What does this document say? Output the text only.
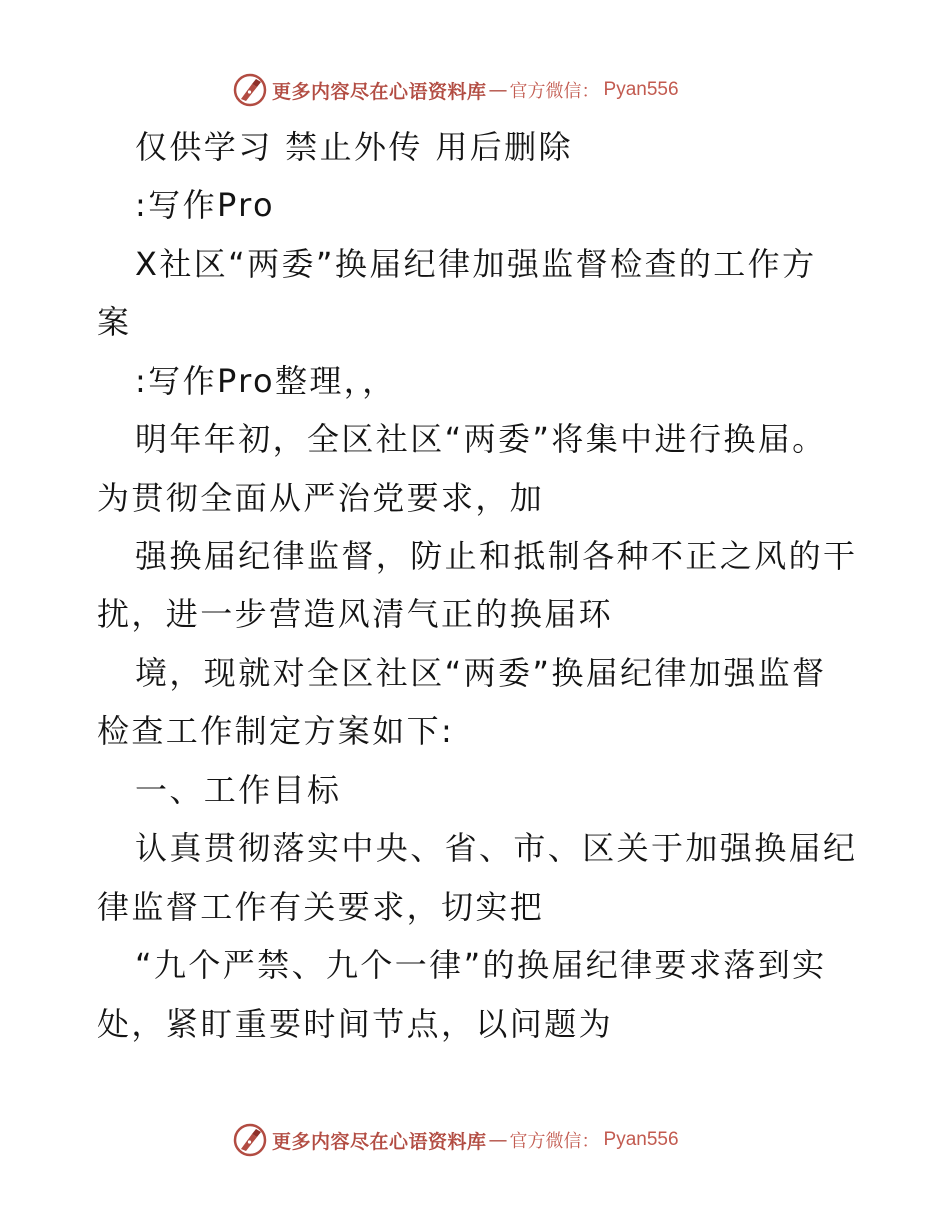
更多内容尽在心语资料库 — 官方微信： Pyan556
仅供学习 禁止外传 用后删除
:写作Pro
X社区“两委”换届纪律加强监督检查的工作方
案
:写作Pro整理，，
明年年初，全区社区“两委”将集中进行换届。
为贯彻全面从严治党要求，加
强换届纪律监督，防止和抵制各种不正之风的干
扰，进一步营造风清气正的换届环
境，现就对全区社区“两委”换届纪律加强监督
检查工作制定方案如下:
一、工作目标
认真贯彻落实中央、省、市、区关于加强换届纪
律监督工作有关要求，切实把
“九个严禁、九个一律”的换届纪律要求落到实
处，紧盯重要时间节点，以问题为
更多内容尽在心语资料库 — 官方微信： Pyan556
